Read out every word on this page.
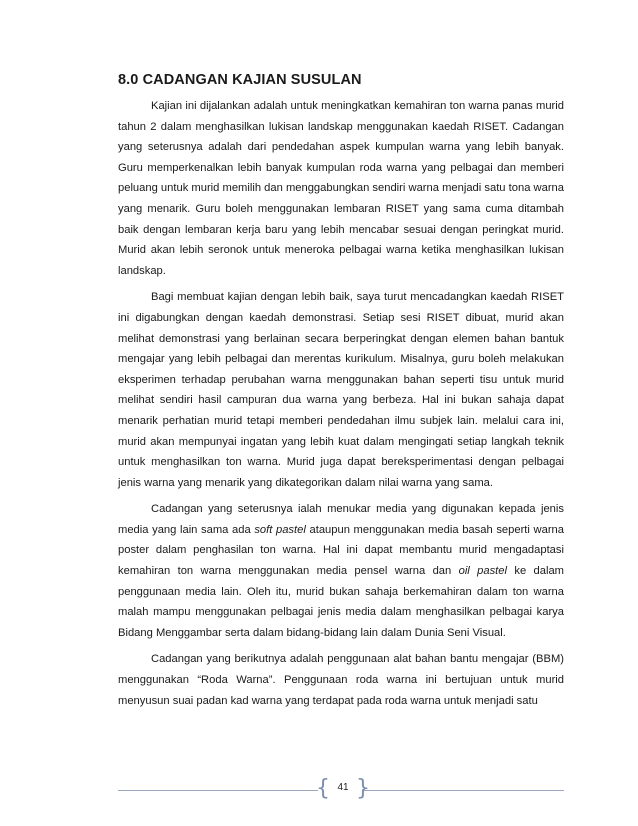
8.0 CADANGAN KAJIAN SUSULAN

Kajian ini dijalankan adalah untuk meningkatkan kemahiran ton warna panas murid tahun 2 dalam menghasilkan lukisan landskap menggunakan kaedah RISET. Cadangan yang seterusnya adalah dari pendedahan aspek kumpulan warna yang lebih banyak. Guru memperkenalkan lebih banyak kumpulan roda warna yang pelbagai dan memberi peluang untuk murid memilih dan menggabungkan sendiri warna menjadi satu tona warna yang menarik. Guru boleh menggunakan lembaran RISET yang sama cuma ditambah baik dengan lembaran kerja baru yang lebih mencabar sesuai dengan peringkat murid. Murid akan lebih seronok untuk meneroka pelbagai warna ketika menghasilkan lukisan landskap.

Bagi membuat kajian dengan lebih baik, saya turut mencadangkan kaedah RISET ini digabungkan dengan kaedah demonstrasi. Setiap sesi RISET dibuat, murid akan melihat demonstrasi yang berlainan secara berperingkat dengan elemen bahan bantuk mengajar yang lebih pelbagai dan merentas kurikulum. Misalnya, guru boleh melakukan eksperimen terhadap perubahan warna menggunakan bahan seperti tisu untuk murid melihat sendiri hasil campuran dua warna yang berbeza. Hal ini bukan sahaja dapat menarik perhatian murid tetapi memberi pendedahan ilmu subjek lain. melalui cara ini, murid akan mempunyai ingatan yang lebih kuat dalam mengingati setiap langkah teknik untuk menghasilkan ton warna. Murid juga dapat bereksperimentasi dengan pelbagai jenis warna yang menarik yang dikategorikan dalam nilai warna yang sama.

Cadangan yang seterusnya ialah menukar media yang digunakan kepada jenis media yang lain sama ada soft pastel ataupun menggunakan media basah seperti warna poster dalam penghasilan ton warna. Hal ini dapat membantu murid mengadaptasi kemahiran ton warna menggunakan media pensel warna dan oil pastel ke dalam penggunaan media lain. Oleh itu, murid bukan sahaja berkemahiran dalam ton warna malah mampu menggunakan pelbagai jenis media dalam menghasilkan pelbagai karya Bidang Menggambar serta dalam bidang-bidang lain dalam Dunia Seni Visual.

Cadangan yang berikutnya adalah penggunaan alat bahan bantu mengajar (BBM) menggunakan “Roda Warna”. Penggunaan roda warna ini bertujuan untuk murid menyusun suai padan kad warna yang terdapat pada roda warna untuk menjadi satu

{ 41 }
